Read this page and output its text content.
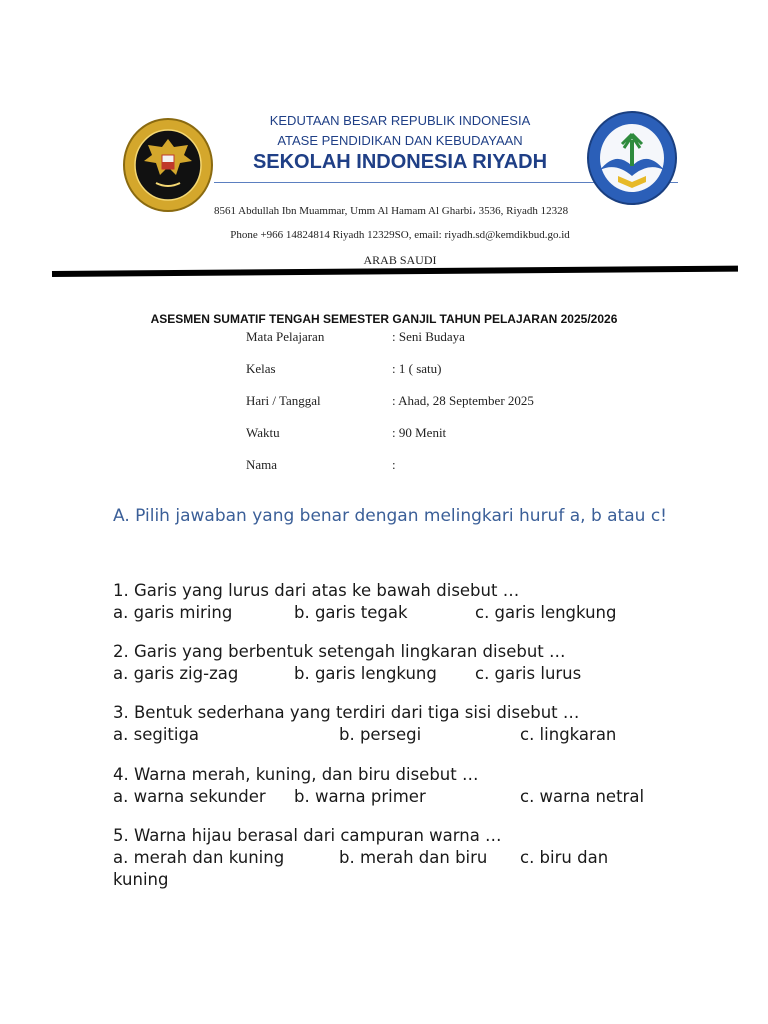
KEDUTAAN BESAR REPUBLIK INDONESIA
ATASE PENDIDIKAN DAN KEBUDAYAAN
SEKOLAH INDONESIA RIYADH
8561 Abdullah Ibn Muammar, Umm Al Hamam Al Gharbi، 3536, Riyadh 12328
Phone +966 14824814 Riyadh 12329SO, email: riyadh.sd@kemdikbud.go.id
ARAB SAUDI
ASESMEN SUMATIF TENGAH SEMESTER GANJIL TAHUN PELAJARAN 2025/2026
Mata Pelajaran	: Seni Budaya
Kelas	: 1 ( satu)
Hari / Tanggal	: Ahad, 28 September 2025
Waktu	: 90 Menit
Nama	:
A. Pilih jawaban yang benar dengan melingkari huruf a, b atau c!
1. Garis yang lurus dari atas ke bawah disebut …
a. garis miring	b. garis tegak	c. garis lengkung
2. Garis yang berbentuk setengah lingkaran disebut …
a. garis zig-zag	b. garis lengkung c. garis lurus
3. Bentuk sederhana yang terdiri dari tiga sisi disebut …
a. segitiga	b. persegi	c. lingkaran
4. Warna merah, kuning, dan biru disebut …
a. warna sekunder b. warna primer	c. warna netral
5. Warna hijau berasal dari campuran warna …
a. merah dan kuning	b. merah dan biru c. biru dan
kuning
